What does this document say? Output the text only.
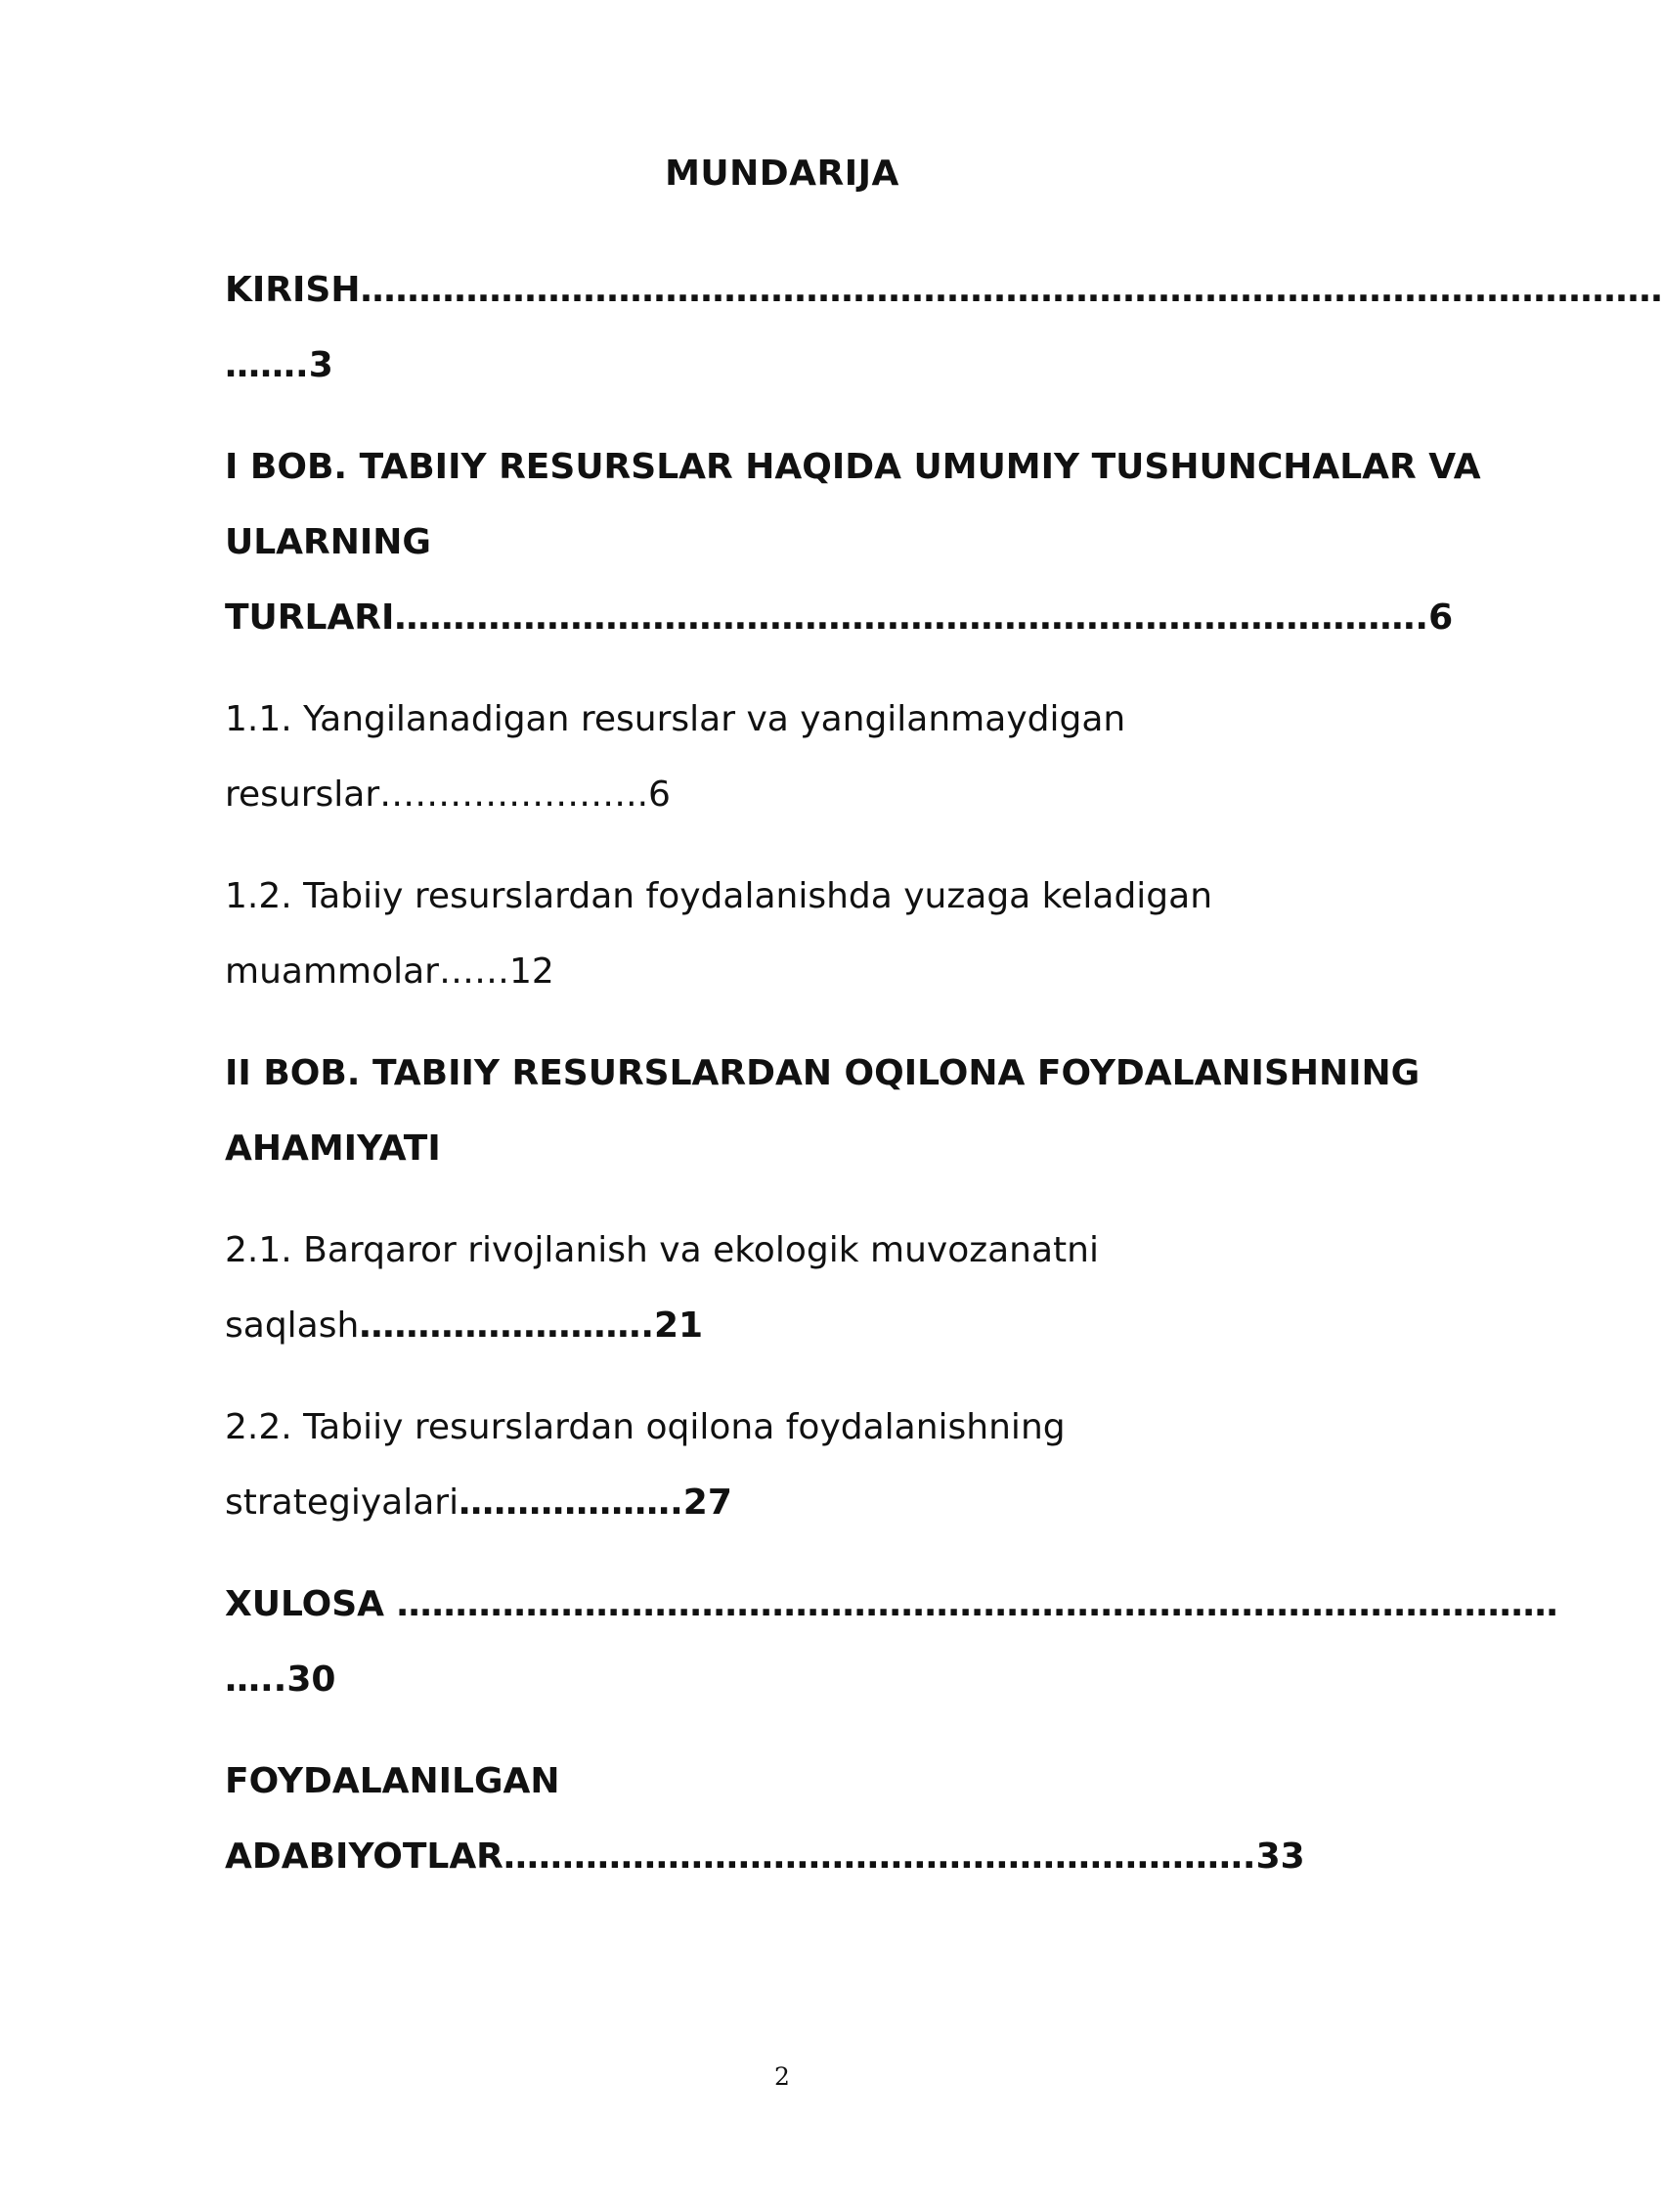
MUNDARIJA
KIRISH…………………………………………………………………………………………………
…….3
I BOB. TABIIY RESURSLAR HAQIDA UMUMIY TUSHUNCHALAR VA
ULARNING
TURLARI…………………………………………………………………………….6
1.1. Yangilanadigan resurslar va yangilanmaydigan
resurslar…………………..6
1.2. Tabiiy resurslardan foydalanishda yuzaga keladigan
muammolar……12
II BOB. TABIIY RESURSLARDAN OQILONA FOYDALANISHNING
AHAMIYATI
2.1. Barqaror rivojlanish va ekologik muvozanatni
saqlash…………………….21
2.2. Tabiiy resurslardan oqilona foydalanishning
strategiyalari……………….27
XULOSA ………………………………………………………………………………………
…..30
FOYDALANILGAN
ADABIYOTLAR……………………………………………………….33
2
